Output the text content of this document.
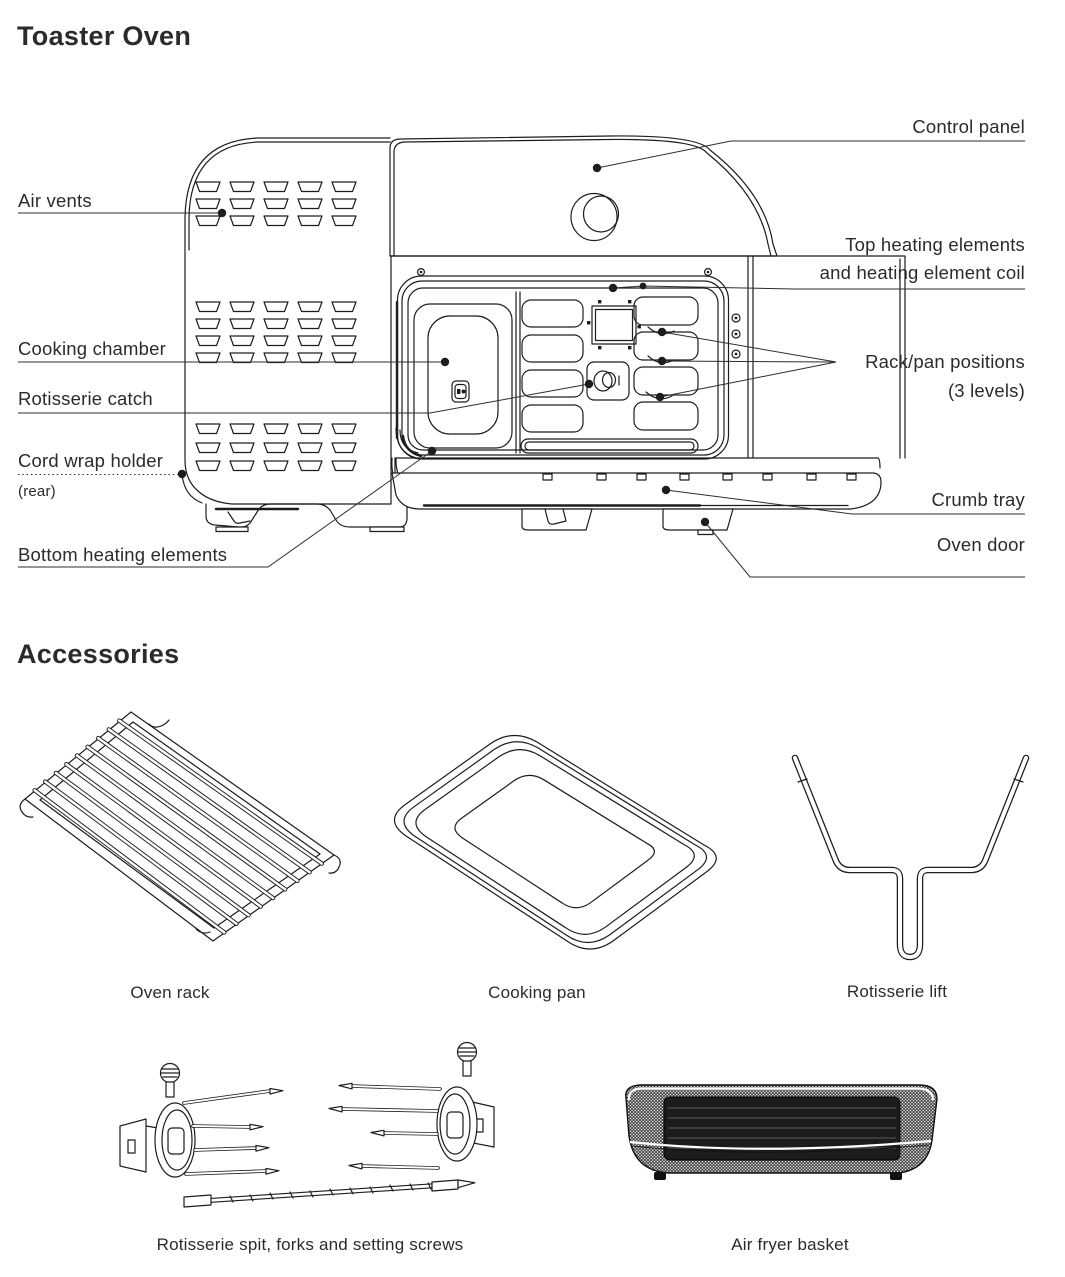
Toaster Oven
Air vents
Cooking chamber
Rotisserie catch
Cord wrap holder
(rear)
Bottom heating elements
Control panel
Top heating elements
and heating element coil
Rack/pan positions
(3 levels)
Crumb tray
Oven door
Accessories
Oven rack	Cooking pan	Rotisserie lift
Rotisserie spit, forks and setting screws	Air fryer basket
